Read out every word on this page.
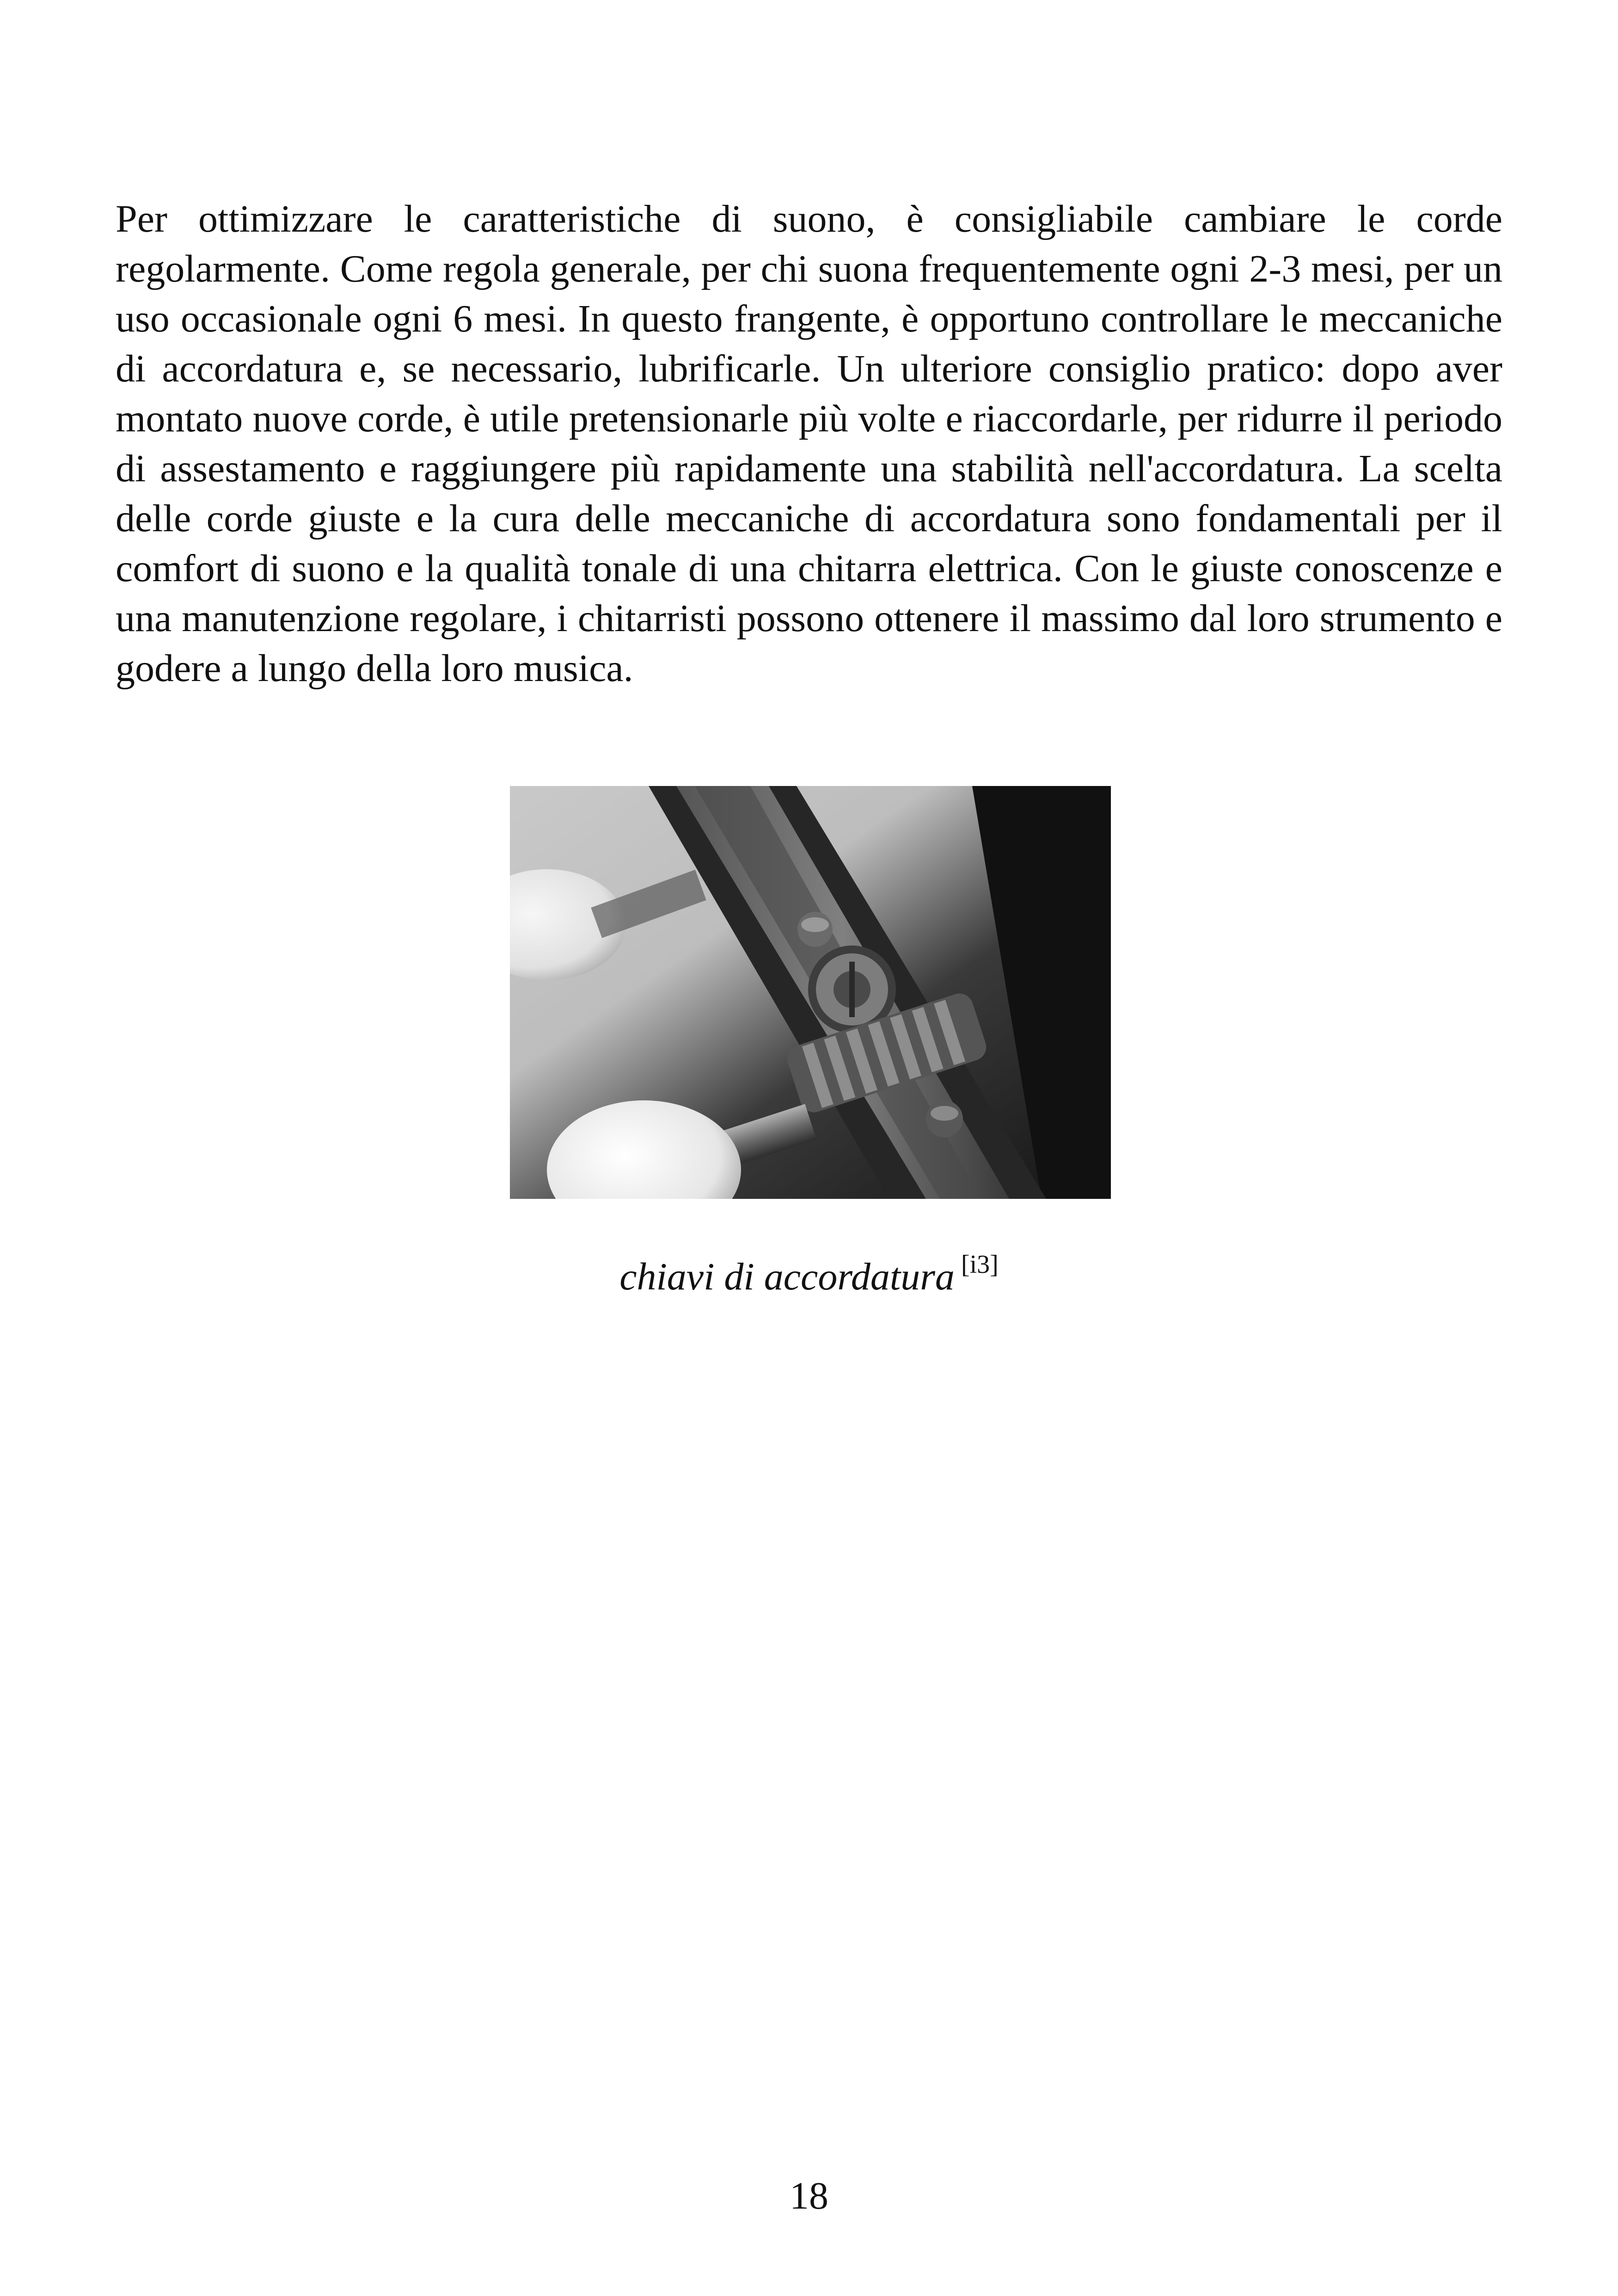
Per ottimizzare le caratteristiche di suono, è consigliabile cambiare le corde regolarmente. Come regola generale, per chi suona frequentemente ogni 2-3 mesi, per un uso occasionale ogni 6 mesi. In questo frangente, è opportuno controllare le meccaniche di accordatura e, se necessario, lubrificarle. Un ulteriore consiglio pratico: dopo aver montato nuove corde, è utile pretensionarle più volte e riaccordarle, per ridurre il periodo di assestamento e raggiungere più rapidamente una stabilità nell'accordatura. La scelta delle corde giuste e la cura delle meccaniche di accordatura sono fondamentali per il comfort di suono e la qualità tonale di una chitarra elettrica. Con le giuste conoscenze e una manutenzione regolare, i chitarristi possono ottenere il massimo dal loro strumento e godere a lungo della loro musica.

chiavi di accordatura [i3]
18
